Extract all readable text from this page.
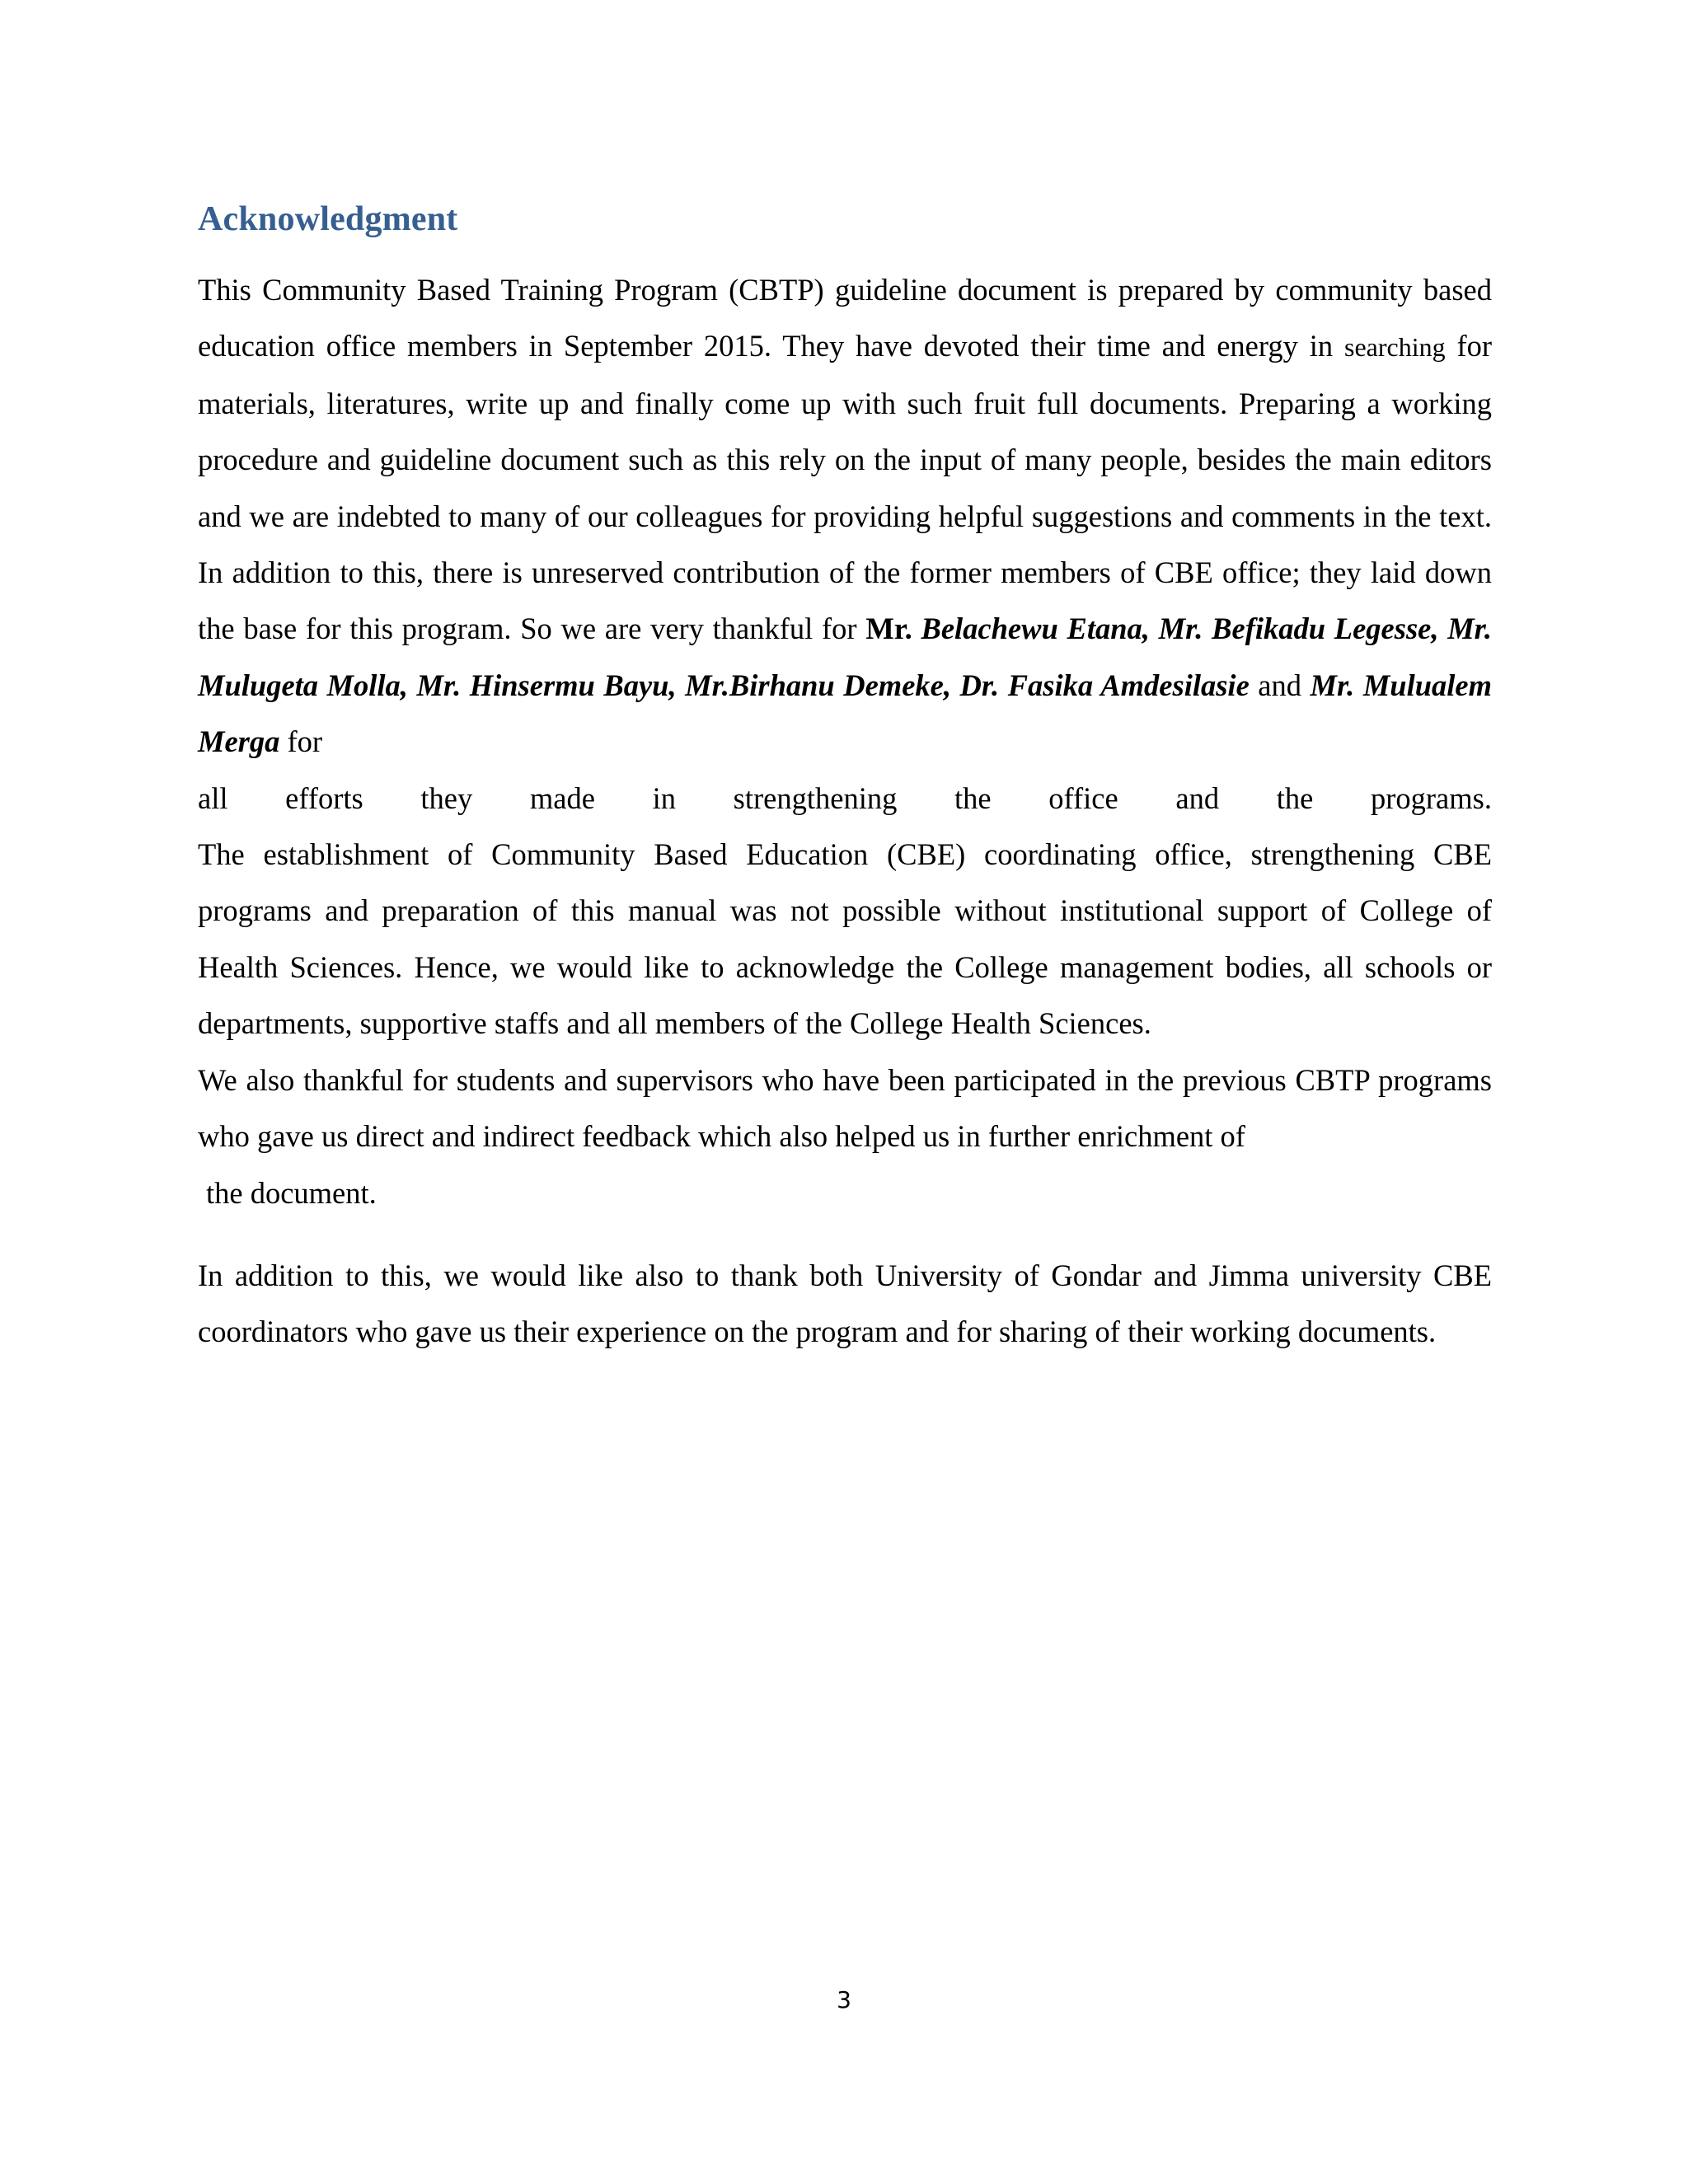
Acknowledgment

This Community Based Training Program (CBTP) guideline document is prepared by community based education office members in September 2015. They have devoted their time and energy in searching for materials, literatures, write up and finally come up with such fruit full documents. Preparing a working procedure and guideline document such as this rely on the input of many people, besides the main editors and we are indebted to many of our colleagues for providing helpful suggestions and comments in the text. In addition to this, there is unreserved contribution of the former members of CBE office; they laid down the base for this program. So we are very thankful for Mr. Belachewu Etana, Mr. Befikadu Legesse, Mr. Mulugeta Molla, Mr. Hinsermu Bayu, Mr.Birhanu Demeke, Dr. Fasika Amdesilasie and Mr. Mulualem Merga for

all efforts they made in strengthening the office and the programs.

The establishment of Community Based Education (CBE) coordinating office, strengthening CBE programs and preparation of this manual was not possible without institutional support of College of Health Sciences. Hence, we would like to acknowledge the College management bodies, all schools or departments, supportive staffs and all members of the College Health Sciences.

We also thankful for students and supervisors who have been participated in the previous CBTP programs who gave us direct and indirect feedback which also helped us in further enrichment of
the document.

In addition to this, we would like also to thank both University of Gondar and Jimma university CBE coordinators who gave us their experience on the program and for sharing of their working documents.

3
